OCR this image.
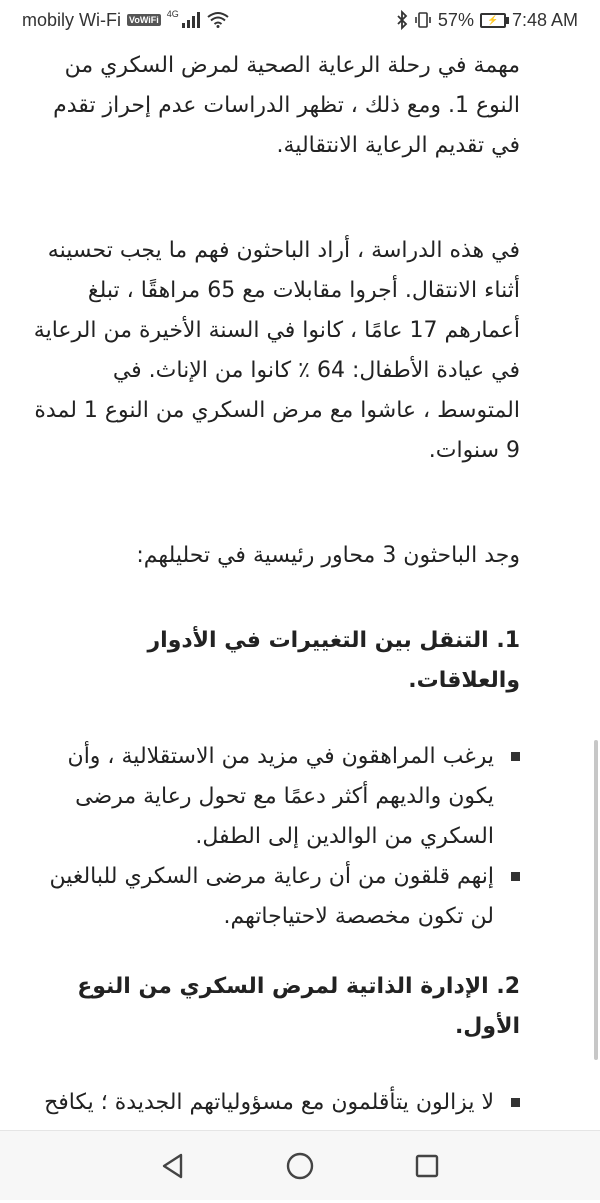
mobily Wi-Fi VoWiFi
4G	57%	⚡ 7:48 AM

مهمة في رحلة الرعاية الصحية لمرض السكري من النوع 1. ومع ذلك ، تظهر الدراسات عدم إحراز تقدم في تقديم الرعاية الانتقالية.

في هذه الدراسة ، أراد الباحثون فهم ما يجب تحسينه أثناء الانتقال. أجروا مقابلات مع 65 مراهقًا ، تبلغ أعمارهم 17 عامًا ، كانوا في السنة الأخيرة من الرعاية في عيادة الأطفال: 64 ٪ كانوا من الإناث. في المتوسط ، عاشوا مع مرض السكري من النوع 1 لمدة 9 سنوات.

وجد الباحثون 3 محاور رئيسية في تحليلهم:

1. التنقل بين التغييرات في الأدوار والعلاقات.
يرغب المراهقون في مزيد من الاستقلالية ، وأن يكون والديهم أكثر دعمًا مع تحول رعاية مرضى السكري من الوالدين إلى الطفل.
إنهم قلقون من أن رعاية مرضى السكري للبالغين لن تكون مخصصة لاحتياجاتهم.
2. الإدارة الذاتية لمرض السكري من النوع الأول.
لا يزالون يتأقلمون مع مسؤولياتهم الجديدة ؛ يكافح
